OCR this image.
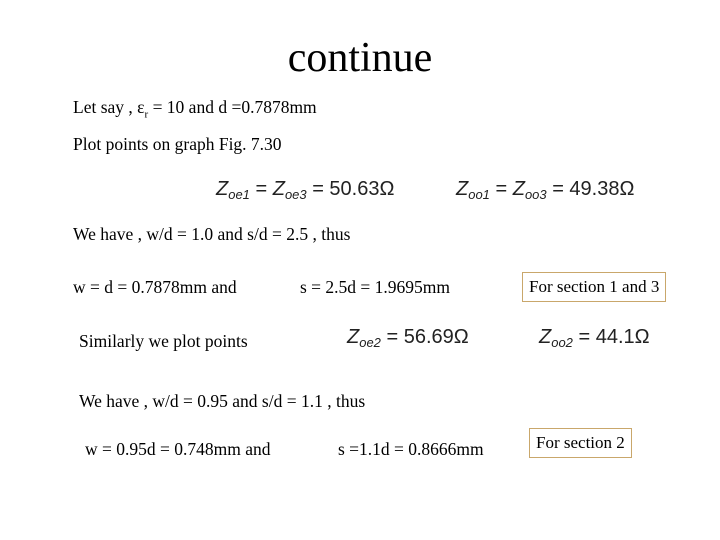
continue
Let say , $\varepsilon_r = 10$ and d =0.7878mm
Plot points on graph Fig. 7.30
$Z_{oe1} = Z_{oe3} = 50.63\Omega$	$Z_{oo1} = Z_{oo3} = 49.38\Omega$
We have , w/d = 1.0 and s/d = 2.5 , thus
w = d = 0.7878mm and	s = 2.5d = 1.9695mm	For section 1 and 3
Similarly we plot points	$Z_{oe2} = 56.69\Omega$	$Z_{oo2} = 44.1\Omega$
We have , w/d = 0.95 and s/d = 1.1 , thus
w = 0.95d = 0.748mm and	s =1.1d = 0.8666mm	For section 2
